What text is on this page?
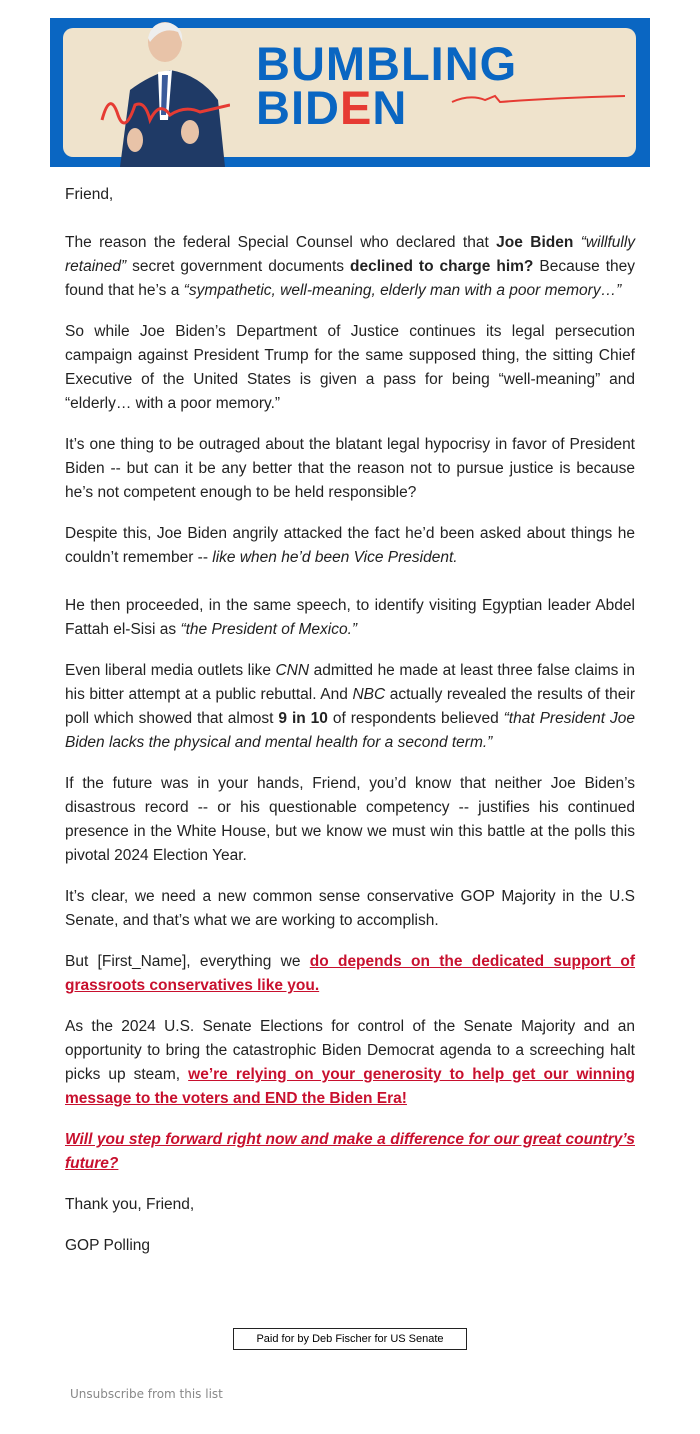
BUMBLING
BIDEN

Friend,

The reason the federal Special Counsel who declared that Joe Biden “willfully retained” secret government documents declined to charge him? Because they found that he’s a “sympathetic, well-meaning, elderly man with a poor memory…”

So while Joe Biden’s Department of Justice continues its legal persecution campaign against President Trump for the same supposed thing, the sitting Chief Executive of the United States is given a pass for being “well-meaning” and “elderly… with a poor memory.”

It’s one thing to be outraged about the blatant legal hypocrisy in favor of President Biden -- but can it be any better that the reason not to pursue justice is because he’s not competent enough to be held responsible?

Despite this, Joe Biden angrily attacked the fact he’d been asked about things he couldn’t remember -- like when he’d been Vice President.

He then proceeded, in the same speech, to identify visiting Egyptian leader Abdel Fattah el-Sisi as “the President of Mexico.”

Even liberal media outlets like CNN admitted he made at least three false claims in his bitter attempt at a public rebuttal. And NBC actually revealed the results of their poll which showed that almost 9 in 10 of respondents believed “that President Joe Biden lacks the physical and mental health for a second term.”

If the future was in your hands, Friend, you’d know that neither Joe Biden’s disastrous record -- or his questionable competency -- justifies his continued presence in the White House, but we know we must win this battle at the polls this pivotal 2024 Election Year.

It’s clear, we need a new common sense conservative GOP Majority in the U.S Senate, and that’s what we are working to accomplish.

But [First_Name], everything we do depends on the dedicated support of grassroots conservatives like you.

As the 2024 U.S. Senate Elections for control of the Senate Majority and an opportunity to bring the catastrophic Biden Democrat agenda to a screeching halt picks up steam, we’re relying on your generosity to help get our winning message to the voters and END the Biden Era!

Will you step forward right now and make a difference for our great country’s future?

Thank you, Friend,

GOP Polling

Paid for by Deb Fischer for US Senate
Unsubscribe from this list
